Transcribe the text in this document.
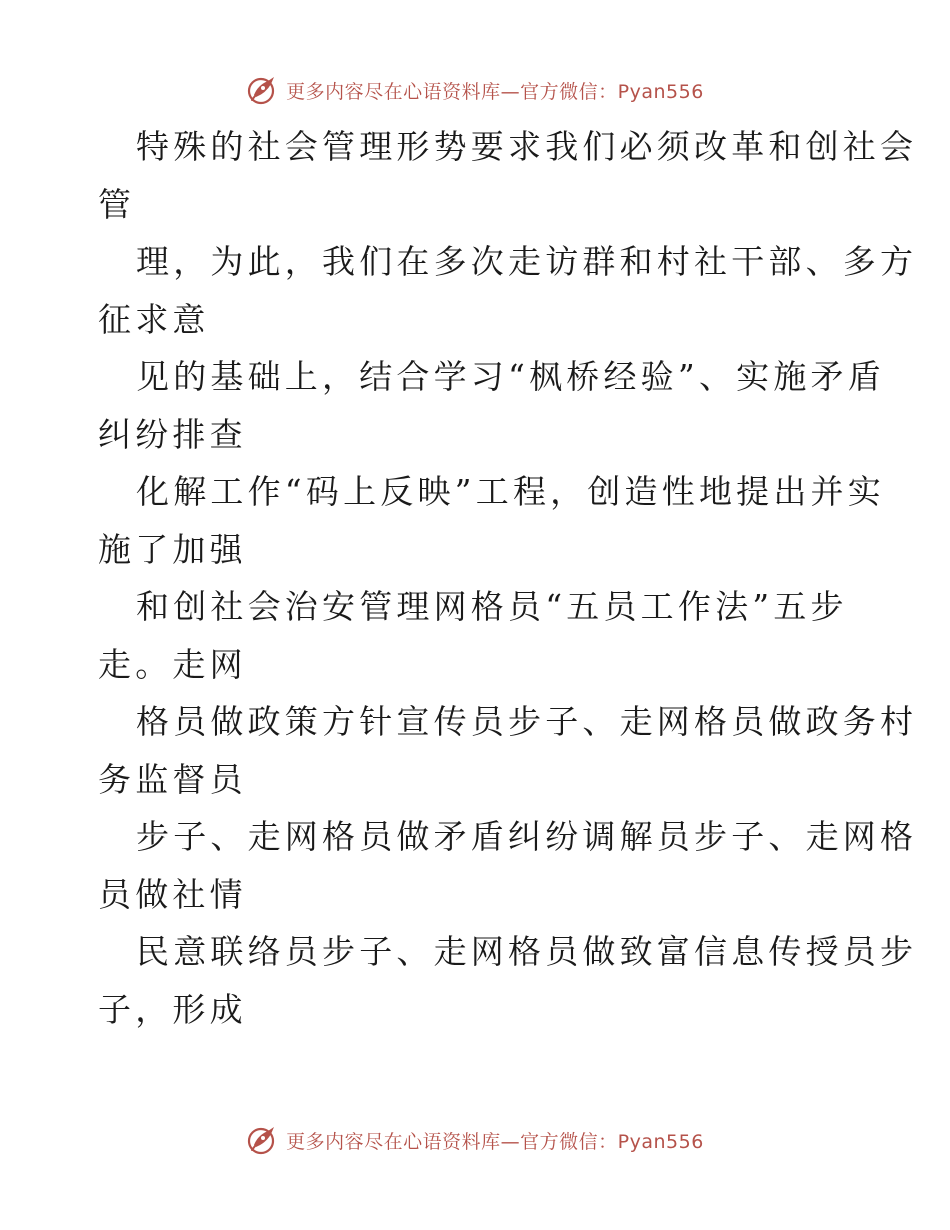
更多内容尽在心语资料库—官方微信：Pyan556
特殊的社会管理形势要求我们必须改革和创社会
管
理，为此，我们在多次走访群和村社干部、多方
征求意
见的基础上，结合学习“枫桥经验”、实施矛盾
纠纷排查
化解工作“码上反映”工程，创造性地提出并实
施了加强
和创社会治安管理网格员“五员工作法”五步
走。走网
格员做政策方针宣传员步子、走网格员做政务村
务监督员
步子、走网格员做矛盾纠纷调解员步子、走网格
员做社情
民意联络员步子、走网格员做致富信息传授员步
子，形成
更多内容尽在心语资料库—官方微信：Pyan556
